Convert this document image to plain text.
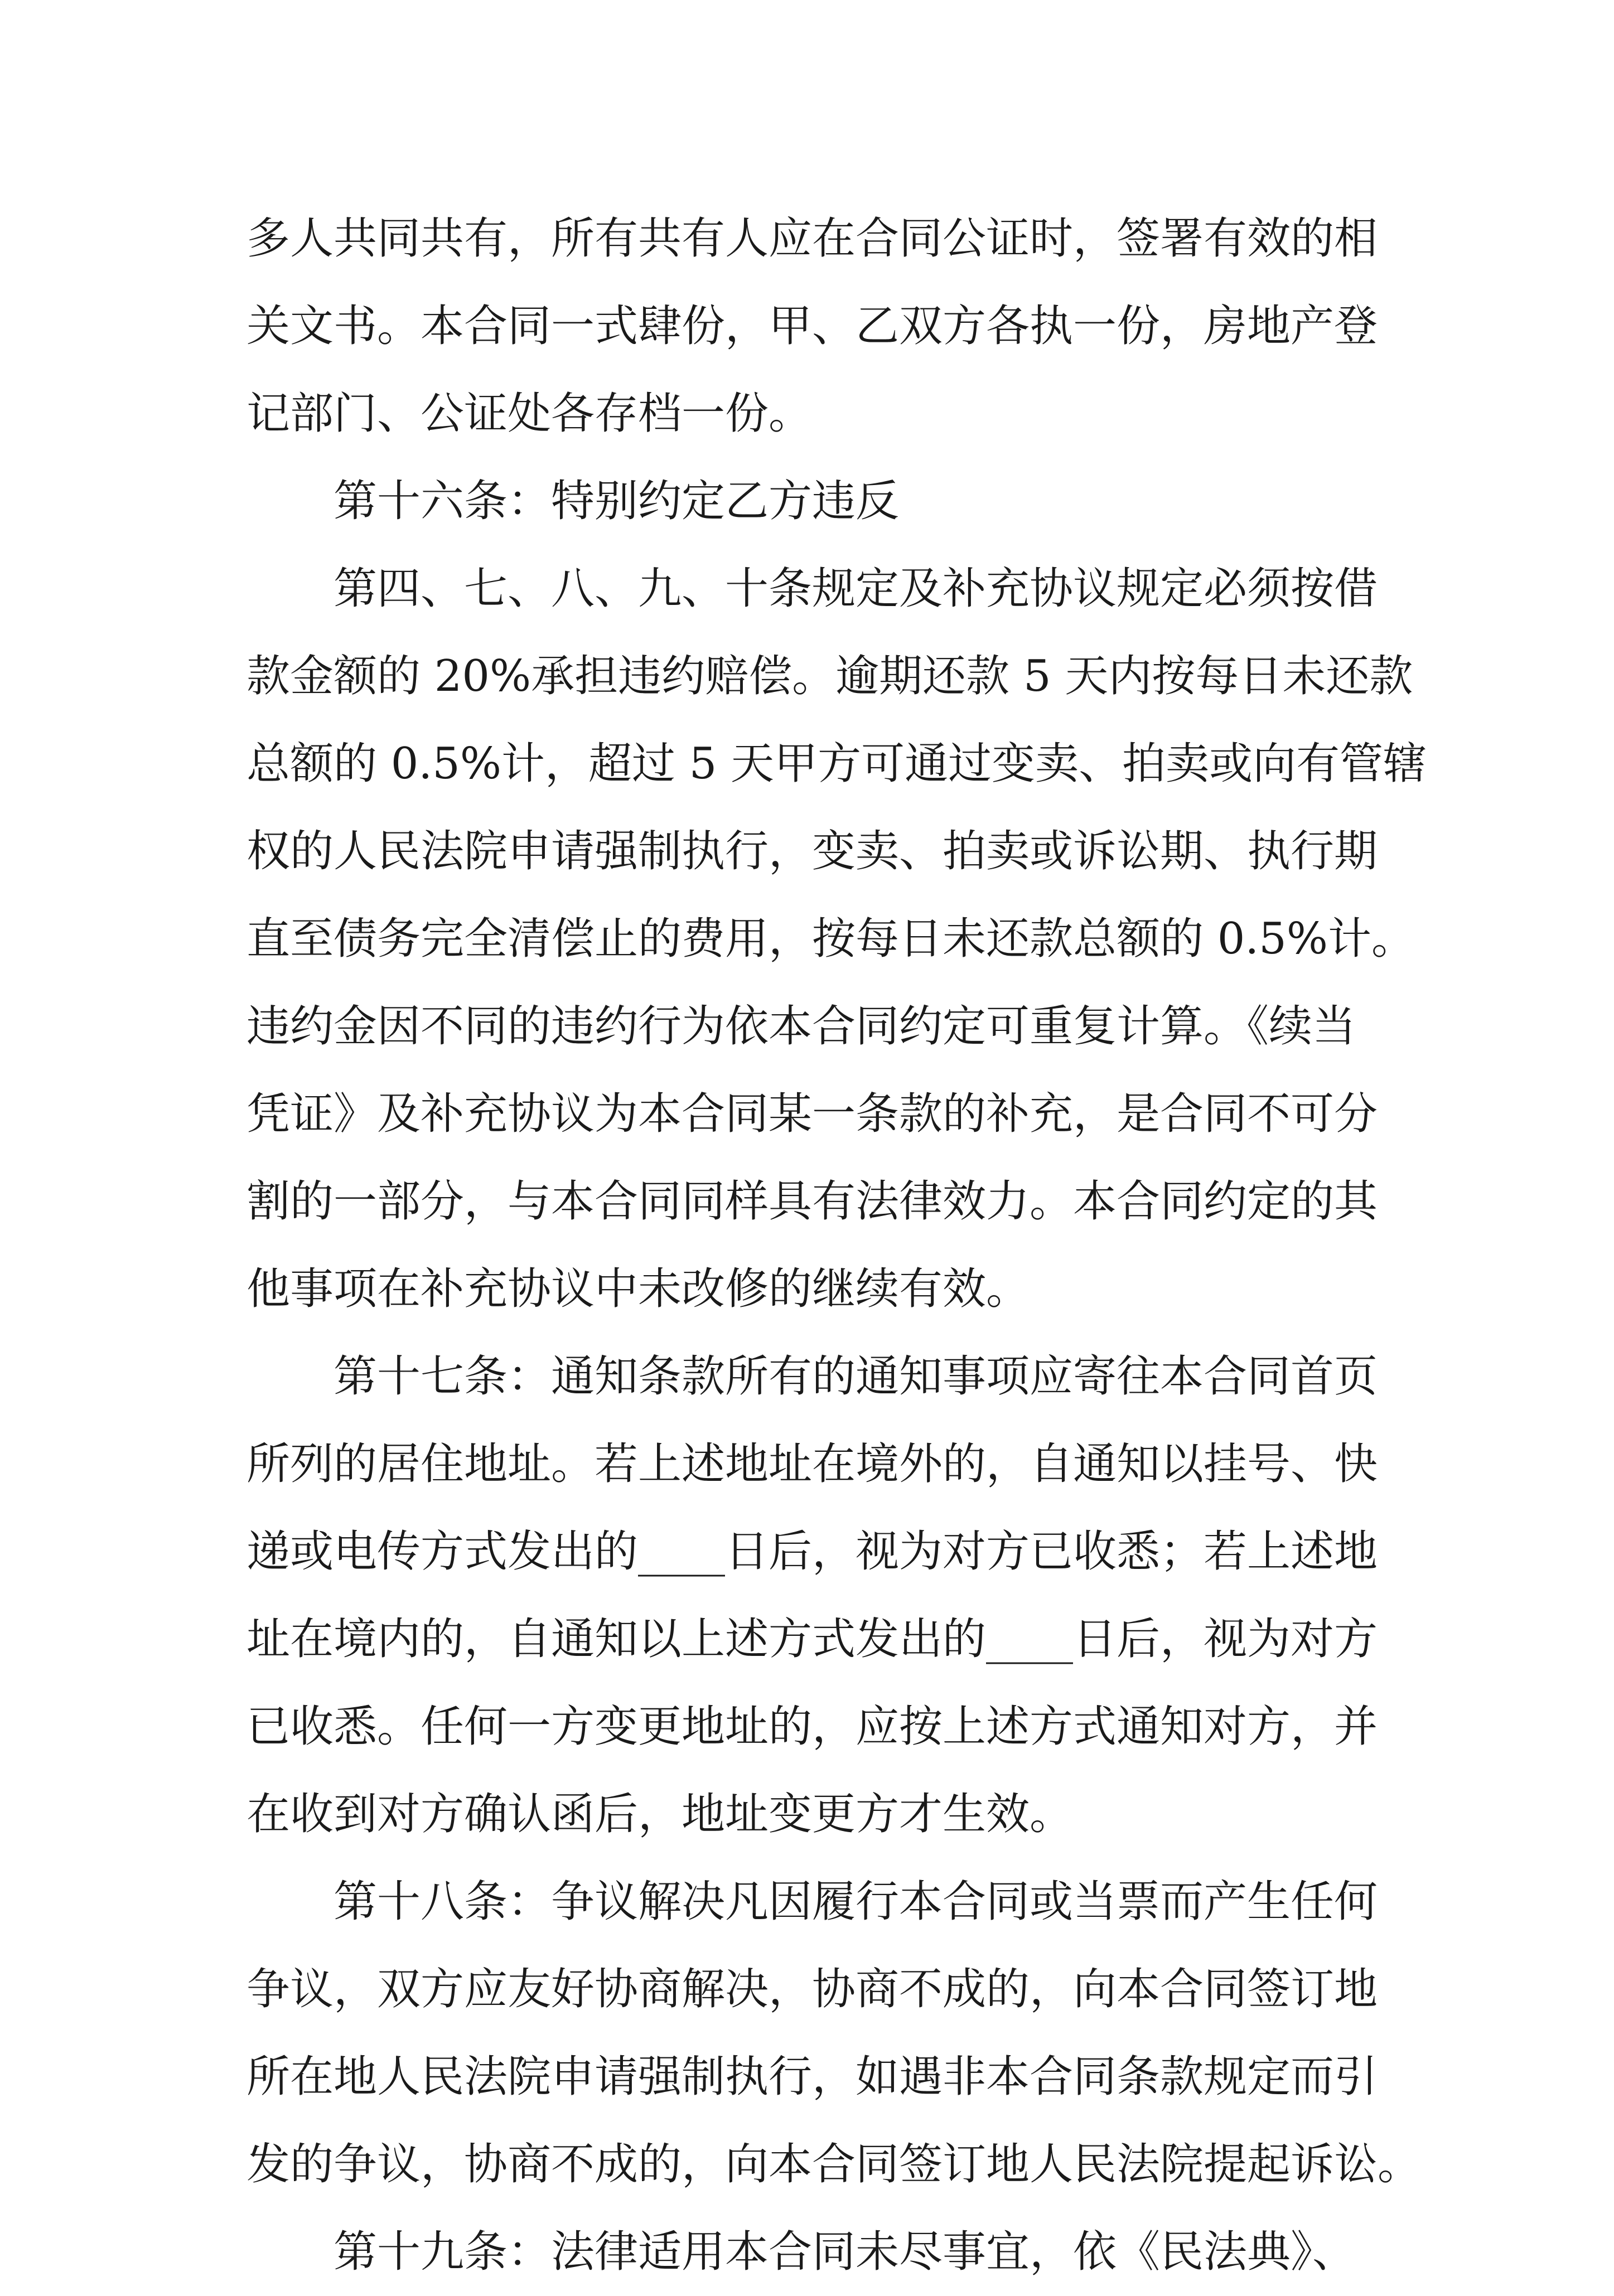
多人共同共有，所有共有人应在合同公证时，签署有效的相
关文书。本合同一式肆份，甲、乙双方各执一份，房地产登
记部门、公证处各存档一份。
第十六条：特别约定乙方违反
第四、七、八、九、十条规定及补充协议规定必须按借
款金额的 20%承担违约赔偿。逾期还款 5 天内按每日未还款
总额的 0.5%计，超过 5 天甲方可通过变卖、拍卖或向有管辖
权的人民法院申请强制执行，变卖、拍卖或诉讼期、执行期
直至债务完全清偿止的费用，按每日未还款总额的 0.5%计。
违约金因不同的违约行为依本合同约定可重复计算。《续当
凭证》及补充协议为本合同某一条款的补充，是合同不可分
割的一部分，与本合同同样具有法律效力。本合同约定的其
他事项在补充协议中未改修的继续有效。
第十七条：通知条款所有的通知事项应寄往本合同首页
所列的居住地址。若上述地址在境外的，自通知以挂号、快
递或电传方式发出的____日后，视为对方已收悉；若上述地
址在境内的，自通知以上述方式发出的____日后，视为对方
已收悉。任何一方变更地址的，应按上述方式通知对方，并
在收到对方确认函后，地址变更方才生效。
第十八条：争议解决凡因履行本合同或当票而产生任何
争议，双方应友好协商解决，协商不成的，向本合同签订地
所在地人民法院申请强制执行，如遇非本合同条款规定而引
发的争议，协商不成的，向本合同签订地人民法院提起诉讼。
第十九条：法律适用本合同未尽事宜，依《民法典》、
